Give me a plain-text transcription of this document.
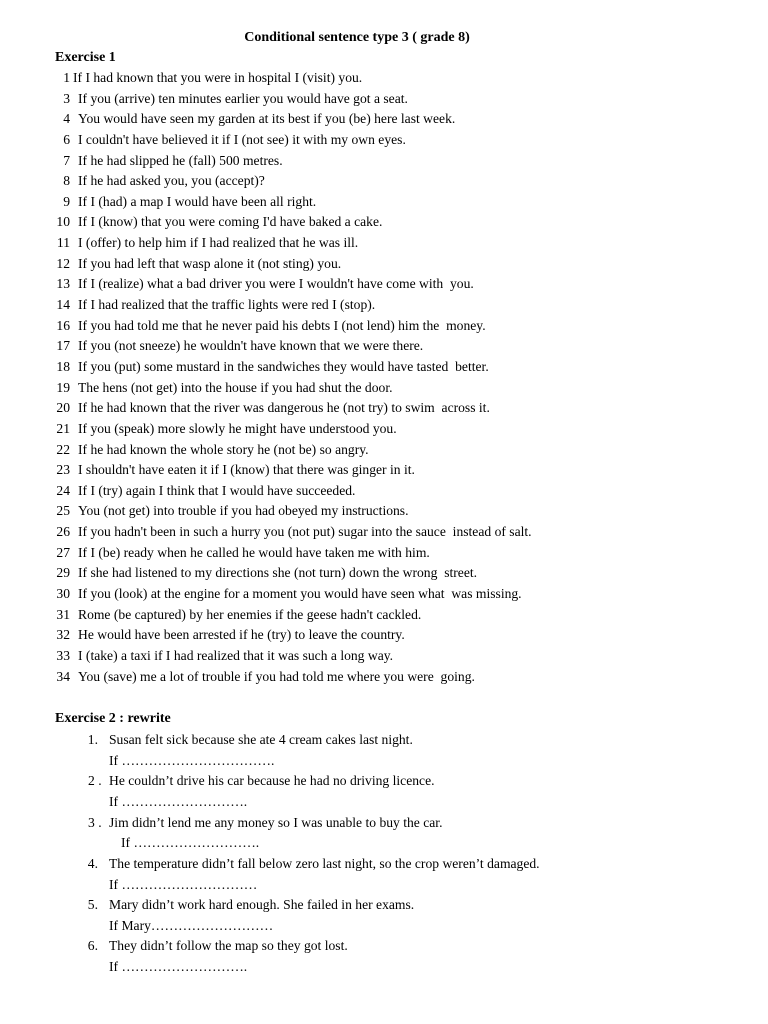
Conditional sentence type 3 ( grade 8)
Exercise 1

1

If I had known that you were in hospital I (visit) you.

3

If you (arrive) ten minutes earlier you would have got a seat.

4

You would have seen my garden at its best if you (be) here last week.

6

I couldn't have believed it if I (not see) it with my own eyes.

7

If he had slipped he (fall) 500 metres.

8

If he had asked you, you (accept)?

9

If I (had) a map I would have been all right.

10

If I (know) that you were coming I'd have baked a cake.

11

I (offer) to help him if I had realized that he was ill.

12

If you had left that wasp alone it (not sting) you.

13

If I (realize) what a bad driver you were I wouldn't have come with  you.

14

If I had realized that the traffic lights were red I (stop).

16

If you had told me that he never paid his debts I (not lend) him the  money.

17

If you (not sneeze) he wouldn't have known that we were there.

18

If you (put) some mustard in the sandwiches they would have tasted  better.

19

The hens (not get) into the house if you had shut the door.

20

If he had known that the river was dangerous he (not try) to swim  across it.

21

If you (speak) more slowly he might have understood you.

22

If he had known the whole story he (not be) so angry.

23

I shouldn't have eaten it if I (know) that there was ginger in it.

24

If I (try) again I think that I would have succeeded.

25

You (not get) into trouble if you had obeyed my instructions.

26

If you hadn't been in such a hurry you (not put) sugar into the sauce  instead of salt.

27

If I (be) ready when he called he would have taken me with him.

29

If she had listened to my directions she (not turn) down the wrong  street.

30

If you (look) at the engine for a moment you would have seen what  was missing.

31

Rome (be captured) by her enemies if the geese hadn't cackled.

32

He would have been arrested if he (try) to leave the country.

33

I (take) a taxi if I had realized that it was such a long way.

34

You (save) me a lot of trouble if you had told me where you were  going.

Exercise 2 : rewrite
1. Susan felt sick because she ate 4 cream cakes last night.
If …………………………….
2 . He couldn’t drive his car because he had no driving licence.
If ……………………….
3 . Jim didn’t lend me any money so I was unable to buy the car.
If ……………………….
4. The temperature didn’t fall below zero last night, so the crop weren’t damaged.
If …………………………
5. Mary didn’t work hard enough. She failed in her exams.
If Mary………………………
6. They didn’t follow the map so they got lost.
If ……………………….
